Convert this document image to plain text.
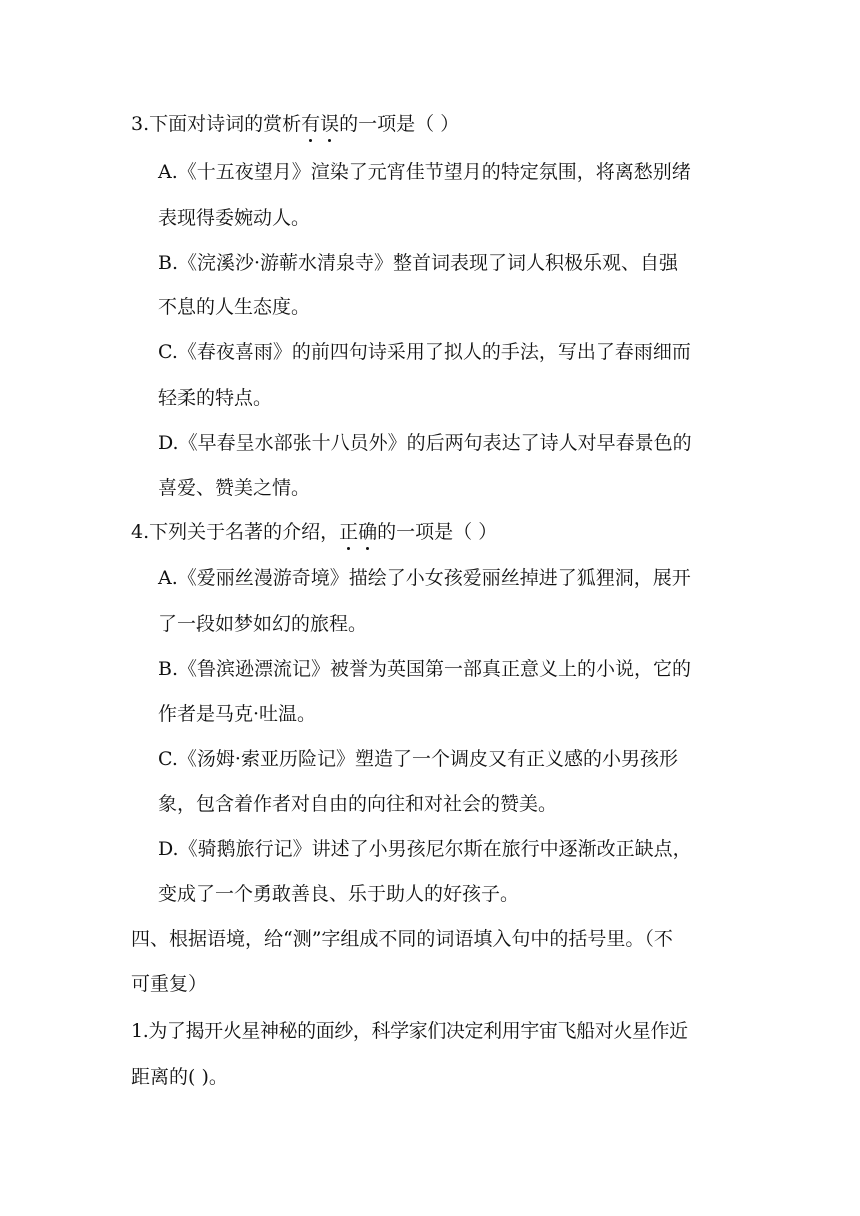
3.下面对诗词的赏析有误的一项是（ ）
A.《十五夜望月》渲染了元宵佳节望月的特定氛围，将离愁别绪
表现得委婉动人。
B.《浣溪沙·游蕲水清泉寺》整首词表现了词人积极乐观、自强
不息的人生态度。
C.《春夜喜雨》的前四句诗采用了拟人的手法，写出了春雨细而
轻柔的特点。
D.《早春呈水部张十八员外》的后两句表达了诗人对早春景色的
喜爱、赞美之情。
4.下列关于名著的介绍，正确的一项是（ ）
A.《爱丽丝漫游奇境》描绘了小女孩爱丽丝掉进了狐狸洞，展开
了一段如梦如幻的旅程。
B.《鲁滨逊漂流记》被誉为英国第一部真正意义上的小说，它的
作者是马克·吐温。
C.《汤姆·索亚历险记》塑造了一个调皮又有正义感的小男孩形
象，包含着作者对自由的向往和对社会的赞美。
D.《骑鹅旅行记》讲述了小男孩尼尔斯在旅行中逐渐改正缺点，
变成了一个勇敢善良、乐于助人的好孩子。
四、根据语境，给“测”字组成不同的词语填入句中的括号里。（不
可重复）
1.为了揭开火星神秘的面纱，科学家们决定利用宇宙飞船对火星作近
距离的( )。
